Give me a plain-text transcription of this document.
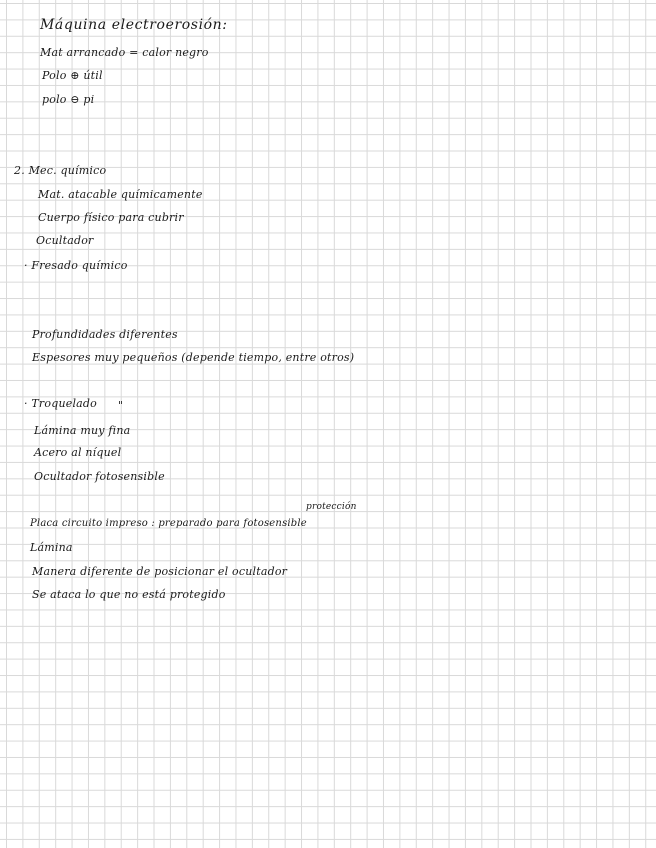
Máquina electroerosión:
Mat arrancado = calor negro
Polo ⊕ útil
polo ⊖ pi
2. Mec. químico
Mat. atacable químicamente
Cuerpo físico para cubrir
Ocultador
· Fresado químico
Profundidades diferentes
Espesores muy pequeños (depende tiempo, entre otros)
· Troquelado "
Lámina muy fina
Acero al níquel
Ocultador fotosensible
protección
Placa circuito impreso : preparado para fotosensible
Lámina
Manera diferente de posicionar el ocultador
Se ataca lo que no está protegido
